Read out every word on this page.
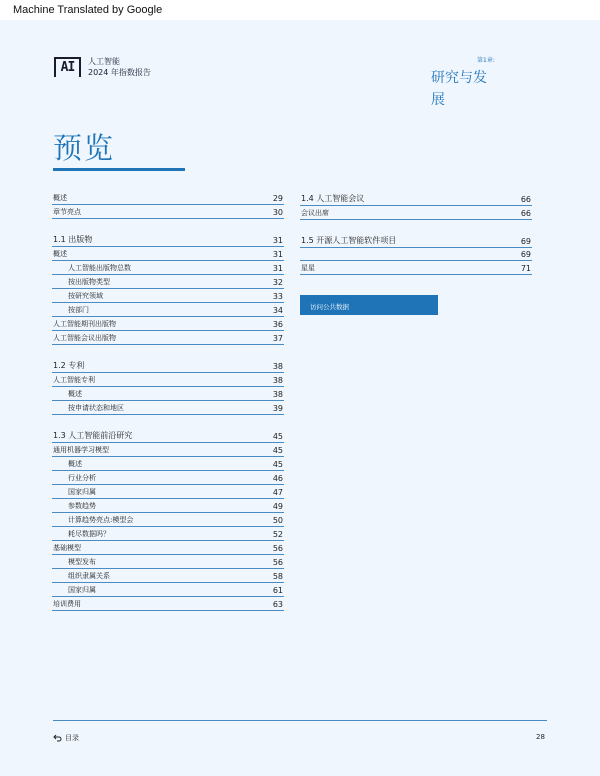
Machine Translated by Google
AI	人工智能
2024 年指数报告
第1章:
研究与发展
预览
概述	29
章节亮点	30
1.1 出版物	31
概述	31
人工智能出版物总数	31
按出版物类型	32
按研究领域	33
按部门	34
人工智能期刊出版物	36
人工智能会议出版物	37
1.2 专利	38
人工智能专利	38
概述	38
按申请状态和地区	39
1.3 人工智能前沿研究	45
通用机器学习模型	45
概述	45
行业分析	46
国家归属	47
参数趋势	49
计算趋势亮点:模型会	50
耗尽数据吗？	52
基础模型	56
模型发布	56
组织隶属关系	58
国家归属	61
培训费用	63
1.4 人工智能会议	66
会议出席	66
1.5 开源人工智能软件项目	69
69
星星	71
访问公共数据
目录	28
